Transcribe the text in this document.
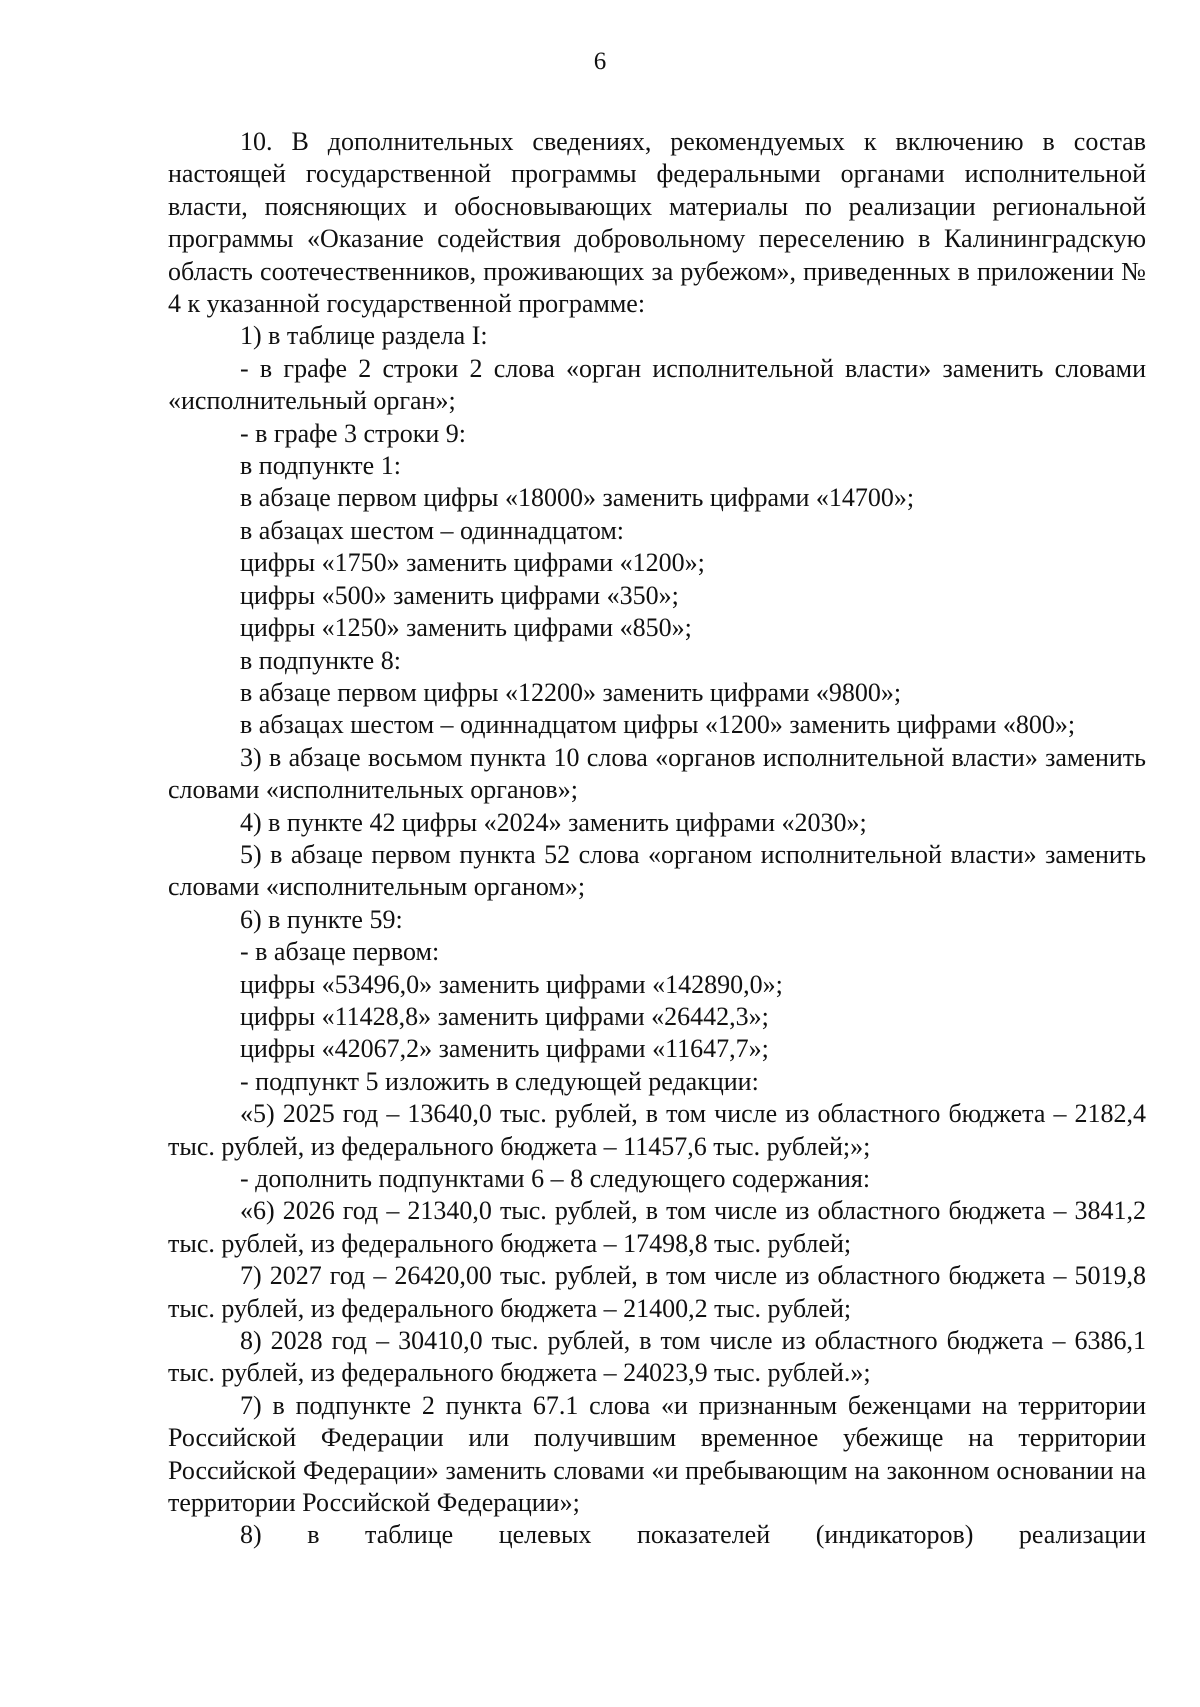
6

10. В дополнительных сведениях, рекомендуемых к включению в состав настоящей государственной программы федеральными органами исполнительной власти, поясняющих и обосновывающих материалы по реализации региональной программы «Оказание содействия добровольному переселению в Калининградскую область соотечественников, проживающих за рубежом», приведенных в приложении № 4 к указанной государственной программе:

1) в таблице раздела I:

- в графе 2 строки 2 слова «орган исполнительной власти» заменить словами «исполнительный орган»;

- в графе 3 строки 9:

в подпункте 1:

в абзаце первом цифры «18000» заменить цифрами «14700»;

в абзацах шестом – одиннадцатом:

цифры «1750» заменить цифрами «1200»;

цифры «500» заменить цифрами «350»;

цифры «1250» заменить цифрами «850»;

в подпункте 8:

в абзаце первом цифры «12200» заменить цифрами «9800»;

в абзацах шестом – одиннадцатом цифры «1200» заменить цифрами «800»;

3) в абзаце восьмом пункта 10 слова «органов исполнительной власти» заменить словами «исполнительных органов»;

4) в пункте 42 цифры «2024» заменить цифрами «2030»;

5) в абзаце первом пункта 52 слова «органом исполнительной власти» заменить словами «исполнительным органом»;

6) в пункте 59:

- в абзаце первом:

цифры «53496,0» заменить цифрами «142890,0»;

цифры «11428,8» заменить цифрами «26442,3»;

цифры «42067,2» заменить цифрами «11647,7»;

- подпункт 5 изложить в следующей редакции:

«5) 2025 год – 13640,0 тыс. рублей, в том числе из областного бюджета – 2182,4 тыс. рублей, из федерального бюджета – 11457,6 тыс. рублей;»;

- дополнить подпунктами 6 – 8 следующего содержания:

«6) 2026 год – 21340,0 тыс. рублей, в том числе из областного бюджета – 3841,2 тыс. рублей, из федерального бюджета – 17498,8 тыс. рублей;

7) 2027 год – 26420,00 тыс. рублей, в том числе из областного бюджета – 5019,8 тыс. рублей, из федерального бюджета – 21400,2 тыс. рублей;

8) 2028 год – 30410,0 тыс. рублей, в том числе из областного бюджета – 6386,1 тыс. рублей, из федерального бюджета – 24023,9 тыс. рублей.»;

7) в подпункте 2 пункта 67.1 слова «и признанным беженцами на территории Российской Федерации или получившим временное убежище на территории Российской Федерации» заменить словами «и пребывающим на законном основании на территории Российской Федерации»;

8) в таблице целевых показателей (индикаторов) реализации
